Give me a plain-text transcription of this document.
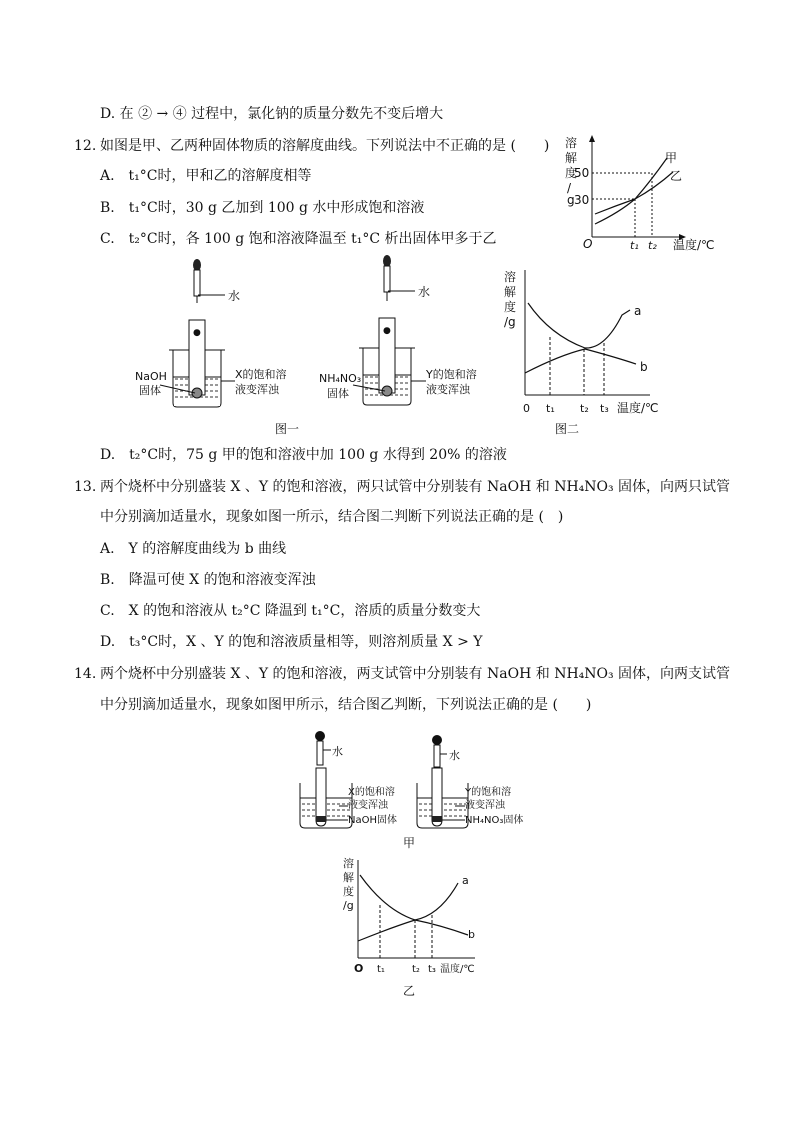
D. 在 ② → ④ 过程中，氯化钠的质量分数先不变后增大
12. 如图是甲、乙两种固体物质的溶解度曲线。下列说法中不正确的是 (　　)
A.　t₁°C时，甲和乙的溶解度相等
B.　t₁°C时，30 g 乙加到 100 g 水中形成饱和溶液
C.　t₂°C时，各 100 g 饱和溶液降温至 t₁°C 析出固体甲多于乙
溶
解
度
/
g
50
30
甲
乙
O	t₁ t₂ 温度/℃
水
●
NaOH
固体
X的饱和溶
液变浑浊
水
●
NH₄NO₃
固体
Y的饱和溶
液变浑浊
图一
溶
解
度
/g
a
b
0 t₁ t₂ t₃ 温度/℃
图二
D.　t₂°C时，75 g 甲的饱和溶液中加 100 g 水得到 20% 的溶液
13. 两个烧杯中分别盛装 X 、Y 的饱和溶液，两只试管中分别装有 NaOH 和 NH₄NO₃ 固体，向两只试管
中分别滴加适量水，现象如图一所示，结合图二判断下列说法正确的是 (　)
A.　Y 的溶解度曲线为 b 曲线
B.　降温可使 X 的饱和溶液变浑浊
C.　X 的饱和溶液从 t₂°C 降温到 t₁°C，溶质的质量分数变大
D.　t₃°C时，X 、Y 的饱和溶液质量相等，则溶剂质量 X > Y
14. 两个烧杯中分别盛装 X 、Y 的饱和溶液，两支试管中分别装有 NaOH 和 NH₄NO₃ 固体，向两支试管
中分别滴加适量水，现象如图甲所示，结合图乙判断，下列说法正确的是 (　　)
水
X的饱和溶
液变浑浊
NaOH固体
水
Y的饱和溶
液变浑浊
NH₄NO₃固体
甲
溶
解
度
/g
a
b
O t₁	t₂ t₃ 温度/℃
乙
